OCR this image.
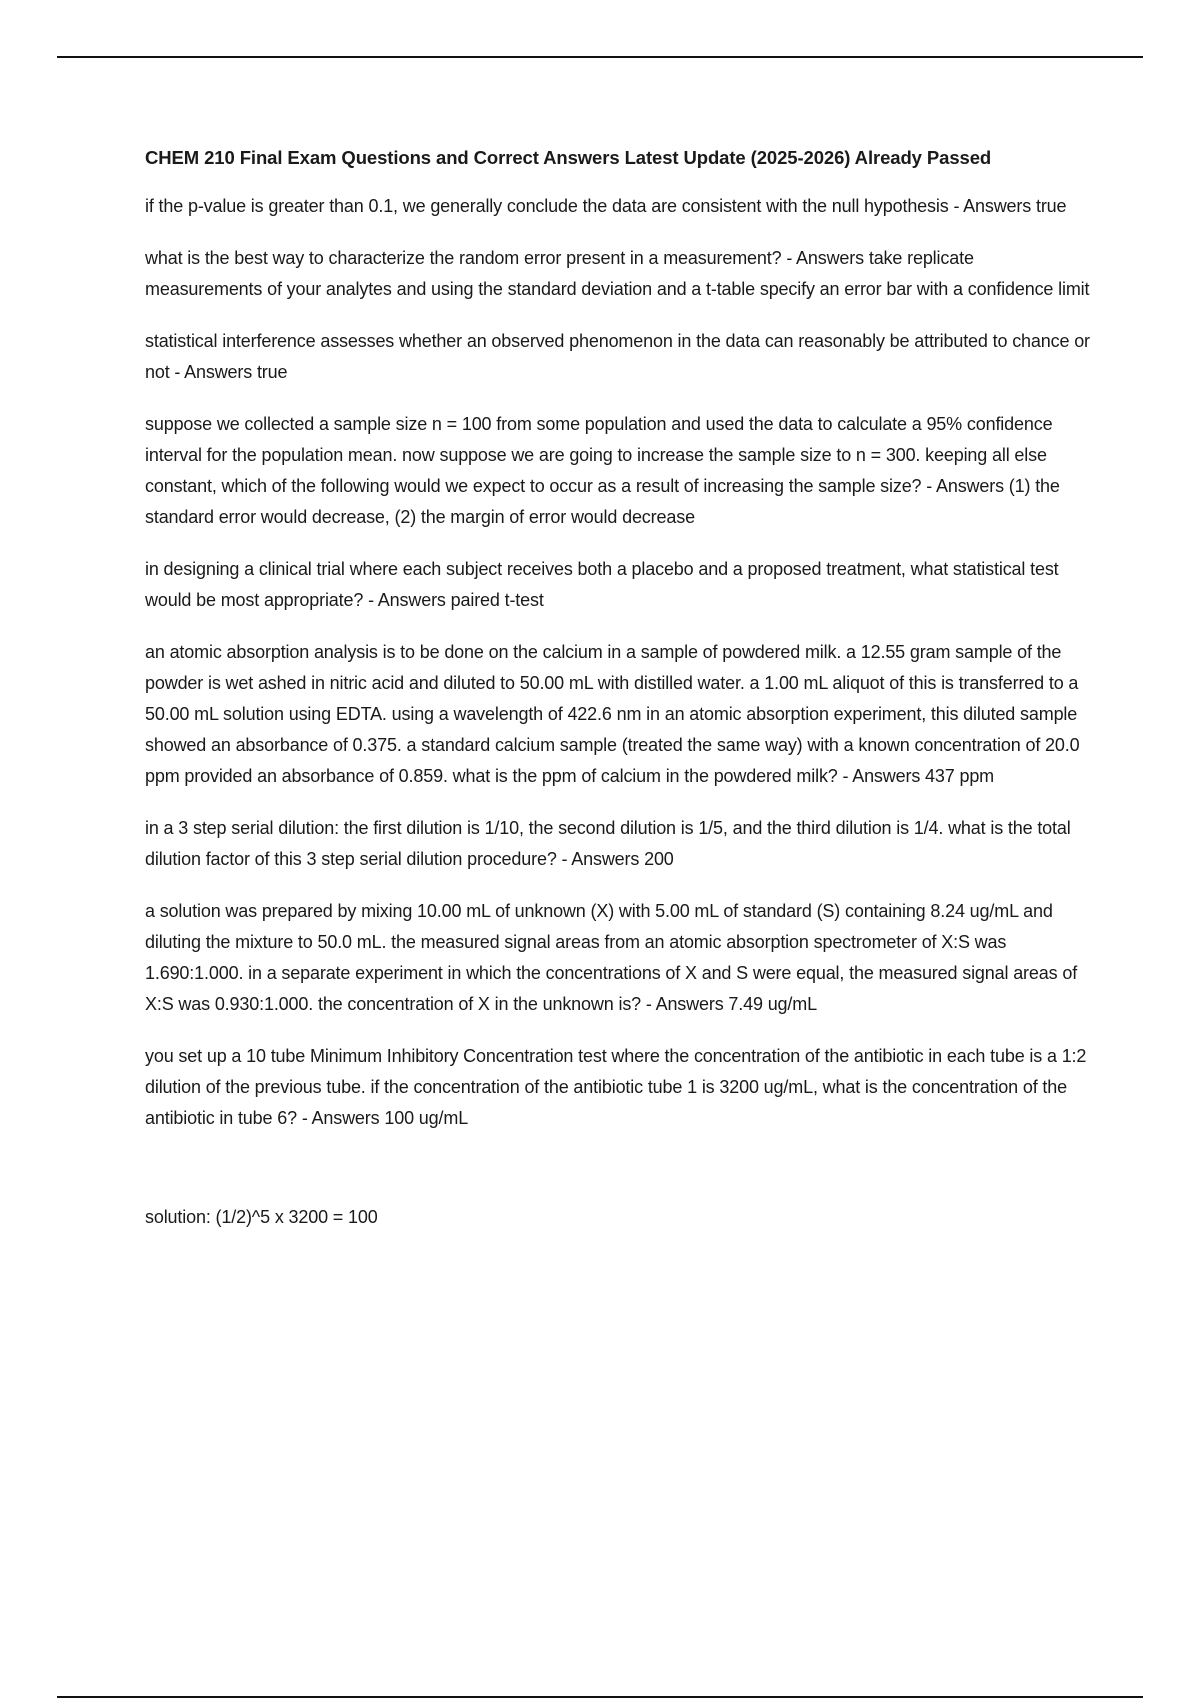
CHEM 210 Final Exam Questions and Correct Answers Latest Update (2025-2026) Already Passed
if the p-value is greater than 0.1, we generally conclude the data are consistent with the null hypothesis - Answers true
what is the best way to characterize the random error present in a measurement? - Answers take replicate measurements of your analytes and using the standard deviation and a t-table specify an error bar with a confidence limit
statistical interference assesses whether an observed phenomenon in the data can reasonably be attributed to chance or not - Answers true
suppose we collected a sample size n = 100 from some population and used the data to calculate a 95% confidence interval for the population mean. now suppose we are going to increase the sample size to n = 300. keeping all else constant, which of the following would we expect to occur as a result of increasing the sample size? - Answers (1) the standard error would decrease, (2) the margin of error would decrease
in designing a clinical trial where each subject receives both a placebo and a proposed treatment, what statistical test would be most appropriate? - Answers paired t-test
an atomic absorption analysis is to be done on the calcium in a sample of powdered milk. a 12.55 gram sample of the powder is wet ashed in nitric acid and diluted to 50.00 mL with distilled water. a 1.00 mL aliquot of this is transferred to a 50.00 mL solution using EDTA. using a wavelength of 422.6 nm in an atomic absorption experiment, this diluted sample showed an absorbance of 0.375. a standard calcium sample (treated the same way) with a known concentration of 20.0 ppm provided an absorbance of 0.859. what is the ppm of calcium in the powdered milk? - Answers 437 ppm
in a 3 step serial dilution: the first dilution is 1/10, the second dilution is 1/5, and the third dilution is 1/4. what is the total dilution factor of this 3 step serial dilution procedure? - Answers 200
a solution was prepared by mixing 10.00 mL of unknown (X) with 5.00 mL of standard (S) containing 8.24 ug/mL and diluting the mixture to 50.0 mL. the measured signal areas from an atomic absorption spectrometer of X:S was 1.690:1.000. in a separate experiment in which the concentrations of X and S were equal, the measured signal areas of X:S was 0.930:1.000. the concentration of X in the unknown is? - Answers 7.49 ug/mL
you set up a 10 tube Minimum Inhibitory Concentration test where the concentration of the antibiotic in each tube is a 1:2 dilution of the previous tube. if the concentration of the antibiotic tube 1 is 3200 ug/mL, what is the concentration of the antibiotic in tube 6? - Answers 100 ug/mL
solution: (1/2)^5 x 3200 = 100
